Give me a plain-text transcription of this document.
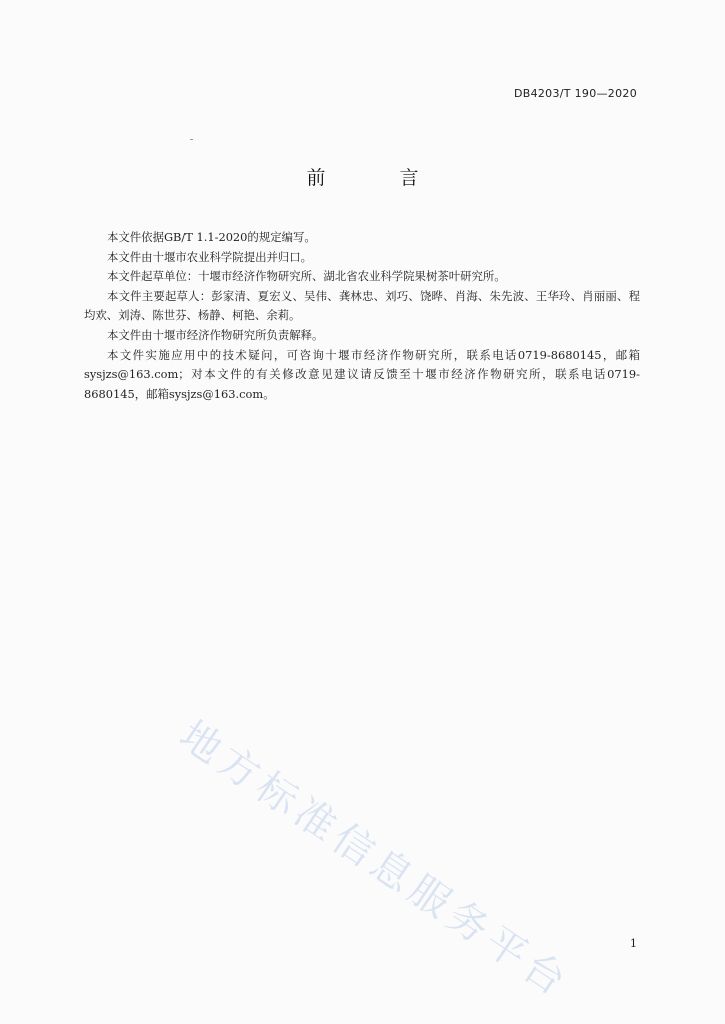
DB4203/T 190—2020
前 言

本文件依据GB/T 1.1-2020的规定编写。

本文件由十堰市农业科学院提出并归口。

本文件起草单位：十堰市经济作物研究所、湖北省农业科学院果树茶叶研究所。

本文件主要起草人：彭家清、夏宏义、吴伟、龚林忠、刘巧、饶晔、肖海、朱先波、王华玲、肖丽丽、程均欢、刘涛、陈世芬、杨静、柯艳、余莉。

本文件由十堰市经济作物研究所负责解释。

本文件实施应用中的技术疑问，可咨询十堰市经济作物研究所，联系电话0719-8680145，邮箱sysjzs@163.com；对本文件的有关修改意见建议请反馈至十堰市经济作物研究所，联系电话0719-8680145，邮箱sysjzs@163.com。

地方标准信息服务平台	1
